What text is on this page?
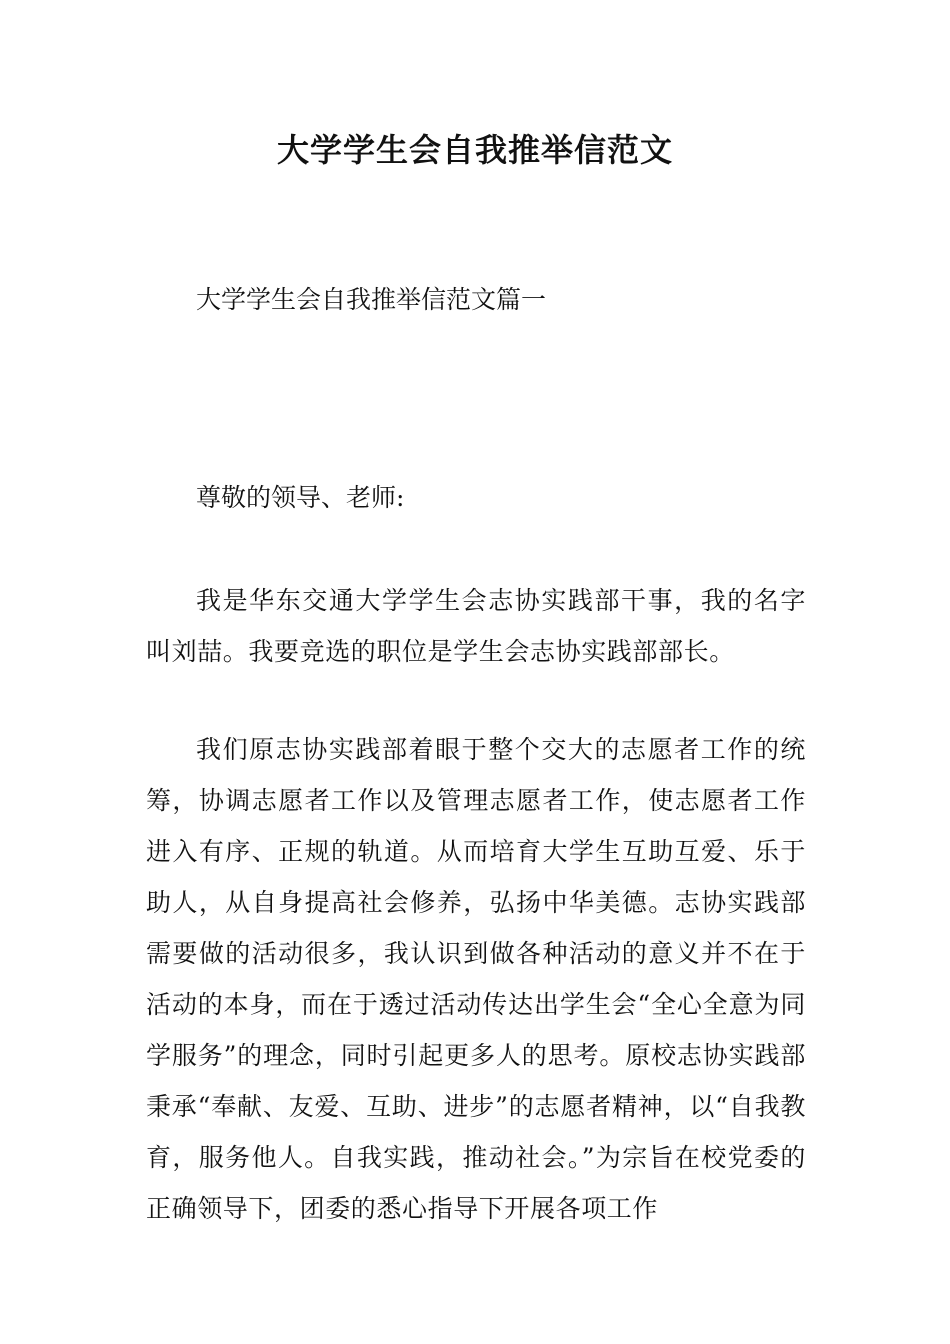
大学学生会自我推举信范文
大学学生会自我推举信范文篇一
尊敬的领导、老师:

我是华东交通大学学生会志协实践部干事，我的名字叫刘喆。我要竞选的职位是学生会志协实践部部长。

我们原志协实践部着眼于整个交大的志愿者工作的统筹，协调志愿者工作以及管理志愿者工作，使志愿者工作进入有序、正规的轨道。从而培育大学生互助互爱、乐于助人，从自身提高社会修养，弘扬中华美德。志协实践部需要做的活动很多，我认识到做各种活动的意义并不在于活动的本身，而在于透过活动传达出学生会“全心全意为同学服务”的理念，同时引起更多人的思考。原校志协实践部秉承“奉献、友爱、互助、进步”的志愿者精神，以“自我教育，服务他人。自我实践，推动社会。”为宗旨在校党委的正确领导下，团委的悉心指导下开展各项工作
